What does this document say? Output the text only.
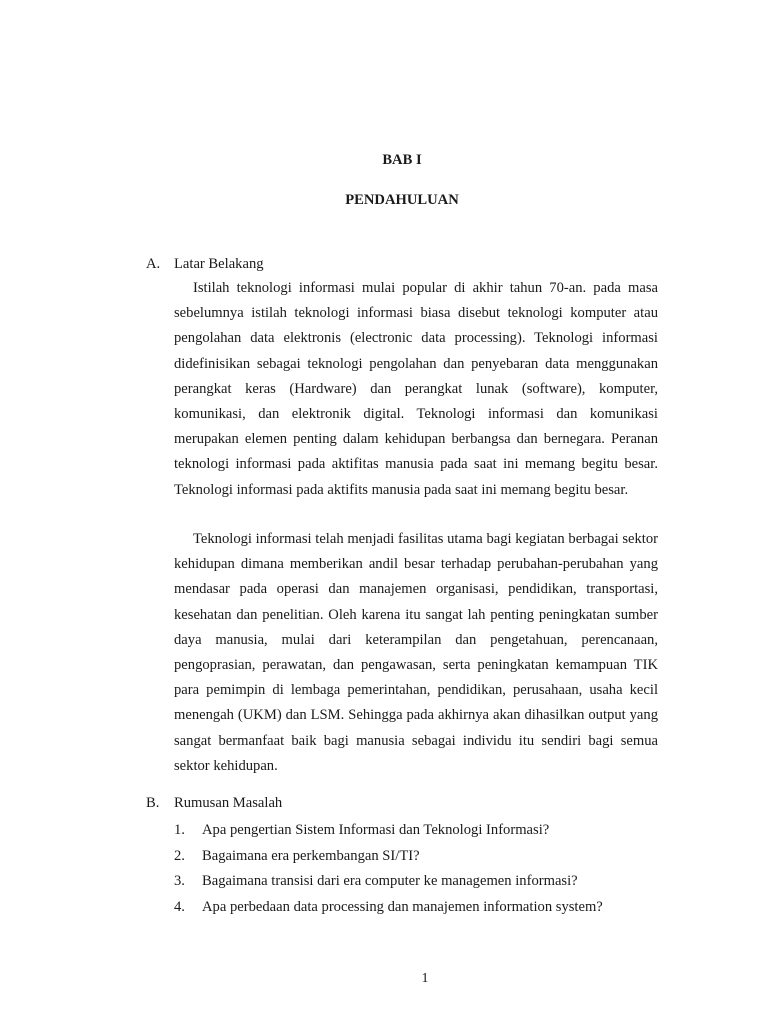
BAB I
PENDAHULUAN
A. Latar Belakang

Istilah teknologi informasi mulai popular di akhir tahun 70-an. pada masa sebelumnya istilah teknologi informasi biasa disebut teknologi komputer atau pengolahan data elektronis (electronic data processing). Teknologi informasi didefinisikan sebagai teknologi pengolahan dan penyebaran data menggunakan perangkat keras (Hardware) dan perangkat lunak (software), komputer, komunikasi, dan elektronik digital. Teknologi informasi dan komunikasi merupakan elemen penting dalam kehidupan berbangsa dan bernegara. Peranan teknologi informasi pada aktifitas manusia pada saat ini memang begitu besar. Teknologi informasi pada aktifits manusia pada saat ini memang begitu besar.

Teknologi informasi telah menjadi fasilitas utama bagi kegiatan berbagai sektor kehidupan dimana memberikan andil besar terhadap perubahan-perubahan yang mendasar pada operasi dan manajemen organisasi, pendidikan, transportasi, kesehatan dan penelitian. Oleh karena itu sangat lah penting peningkatan sumber daya manusia, mulai dari keterampilan dan pengetahuan, perencanaan, pengoprasian, perawatan, dan pengawasan, serta peningkatan kemampuan TIK para pemimpin di lembaga pemerintahan, pendidikan, perusahaan, usaha kecil menengah (UKM) dan LSM. Sehingga pada akhirnya akan dihasilkan output yang sangat bermanfaat baik bagi manusia sebagai individu itu sendiri bagi semua sektor kehidupan.

B. Rumusan Masalah
1. Apa pengertian Sistem Informasi dan Teknologi Informasi?
2. Bagaimana era perkembangan SI/TI?
3. Bagaimana transisi dari era computer ke managemen informasi?
4. Apa perbedaan data processing dan manajemen information system?
1
